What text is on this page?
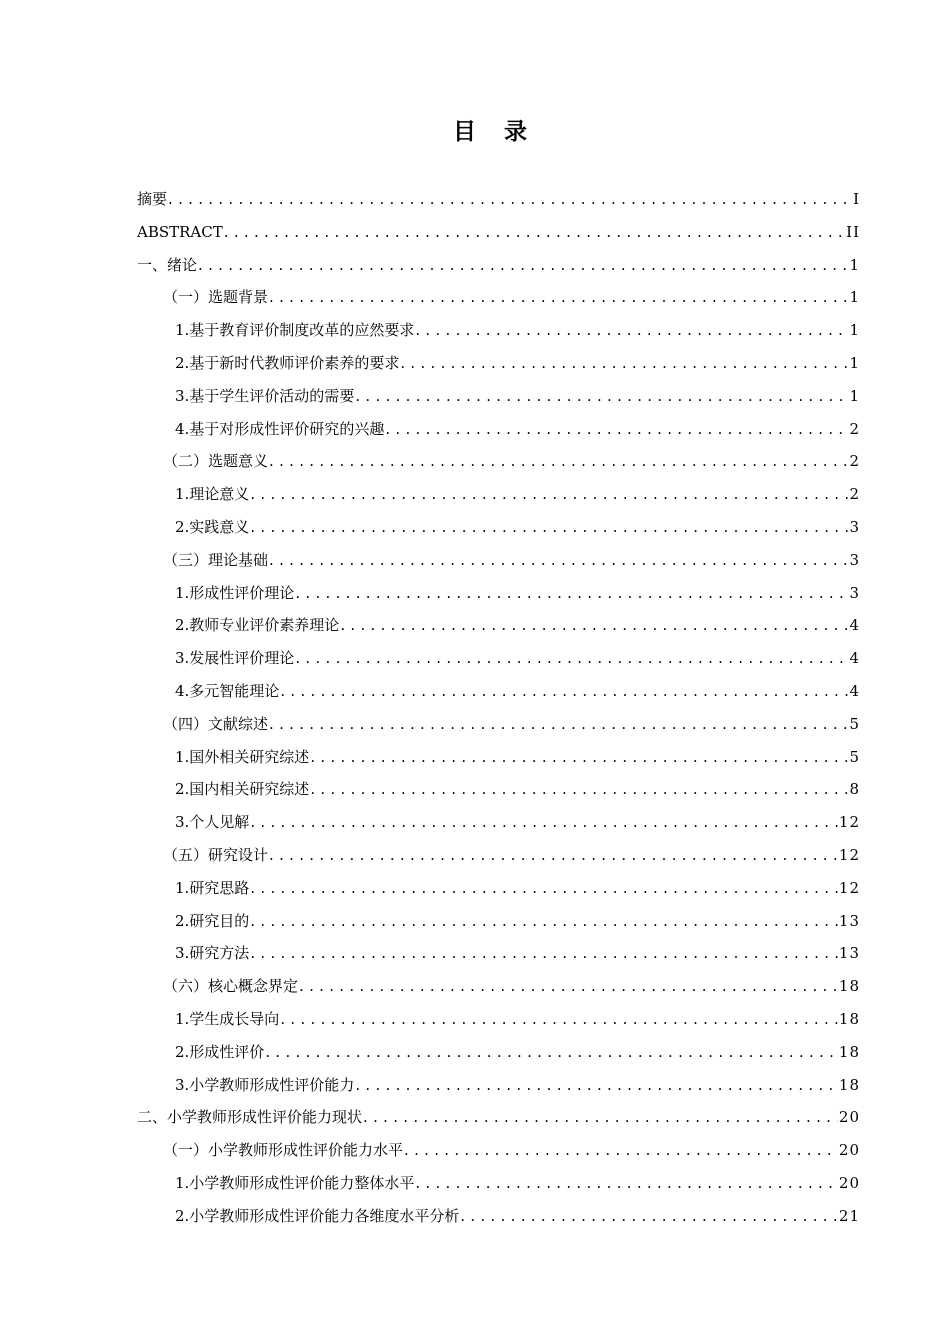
目 录
摘要 .....	I
ABSTRACT .....	II
一、绪论 .....	1
（一）选题背景 .....	1
1.基于教育评价制度改革的应然要求 .....	1
2.基于新时代教师评价素养的要求 .....	1
3.基于学生评价活动的需要 .....	1
4.基于对形成性评价研究的兴趣 .....	2
（二）选题意义 .....	2
1.理论意义 .....	2
2.实践意义 .....	3
（三）理论基础 .....	3
1.形成性评价理论 .....	3
2.教师专业评价素养理论 .....	4
3.发展性评价理论 .....	4
4.多元智能理论 .....	4
（四）文献综述 .....	5
1.国外相关研究综述 .....	5
2.国内相关研究综述 .....	8
3.个人见解 .....	12
（五）研究设计 .....	12
1.研究思路 .....	12
2.研究目的 .....	13
3.研究方法 .....	13
（六）核心概念界定 .....	18
1.学生成长导向 .....	18
2.形成性评价 .....	18
3.小学教师形成性评价能力 .....	18
二、小学教师形成性评价能力现状 .....	20
（一）小学教师形成性评价能力水平 .....	20
1.小学教师形成性评价能力整体水平 .....	20
2.小学教师形成性评价能力各维度水平分析 .....	21
